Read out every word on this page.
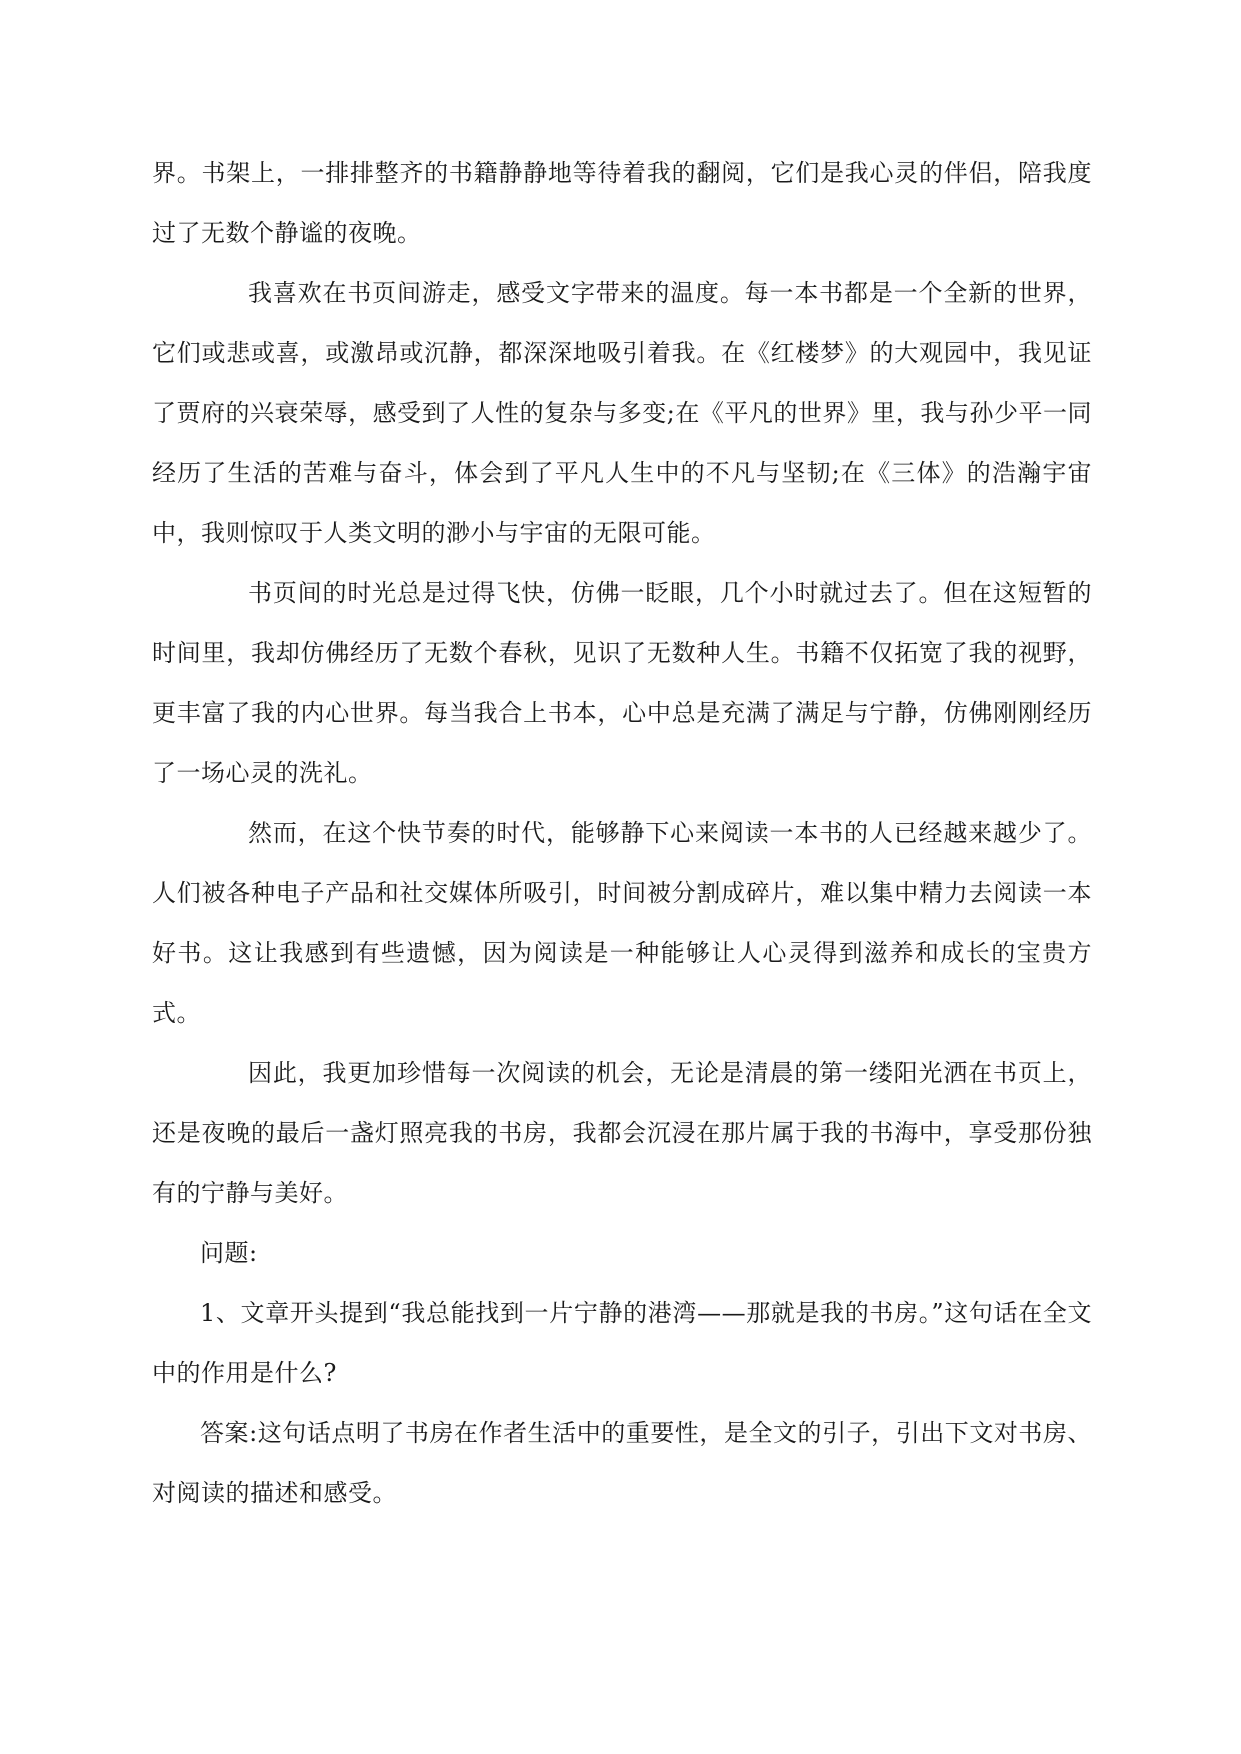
界。书架上，一排排整齐的书籍静静地等待着我的翻阅，它们是我心灵的伴侣，陪我度过了无数个静谧的夜晚。

我喜欢在书页间游走，感受文字带来的温度。每一本书都是一个全新的世界，它们或悲或喜，或激昂或沉静，都深深地吸引着我。在《红楼梦》的大观园中，我见证了贾府的兴衰荣辱，感受到了人性的复杂与多变;在《平凡的世界》里，我与孙少平一同经历了生活的苦难与奋斗，体会到了平凡人生中的不凡与坚韧;在《三体》的浩瀚宇宙中，我则惊叹于人类文明的渺小与宇宙的无限可能。

书页间的时光总是过得飞快，仿佛一眨眼，几个小时就过去了。但在这短暂的时间里，我却仿佛经历了无数个春秋，见识了无数种人生。书籍不仅拓宽了我的视野，更丰富了我的内心世界。每当我合上书本，心中总是充满了满足与宁静，仿佛刚刚经历了一场心灵的洗礼。

然而，在这个快节奏的时代，能够静下心来阅读一本书的人已经越来越少了。人们被各种电子产品和社交媒体所吸引，时间被分割成碎片，难以集中精力去阅读一本好书。这让我感到有些遗憾，因为阅读是一种能够让人心灵得到滋养和成长的宝贵方式。

因此，我更加珍惜每一次阅读的机会，无论是清晨的第一缕阳光洒在书页上，还是夜晚的最后一盏灯照亮我的书房，我都会沉浸在那片属于我的书海中，享受那份独有的宁静与美好。

问题:

1、文章开头提到“我总能找到一片宁静的港湾——那就是我的书房。”这句话在全文中的作用是什么?

答案:这句话点明了书房在作者生活中的重要性，是全文的引子，引出下文对书房、对阅读的描述和感受。
